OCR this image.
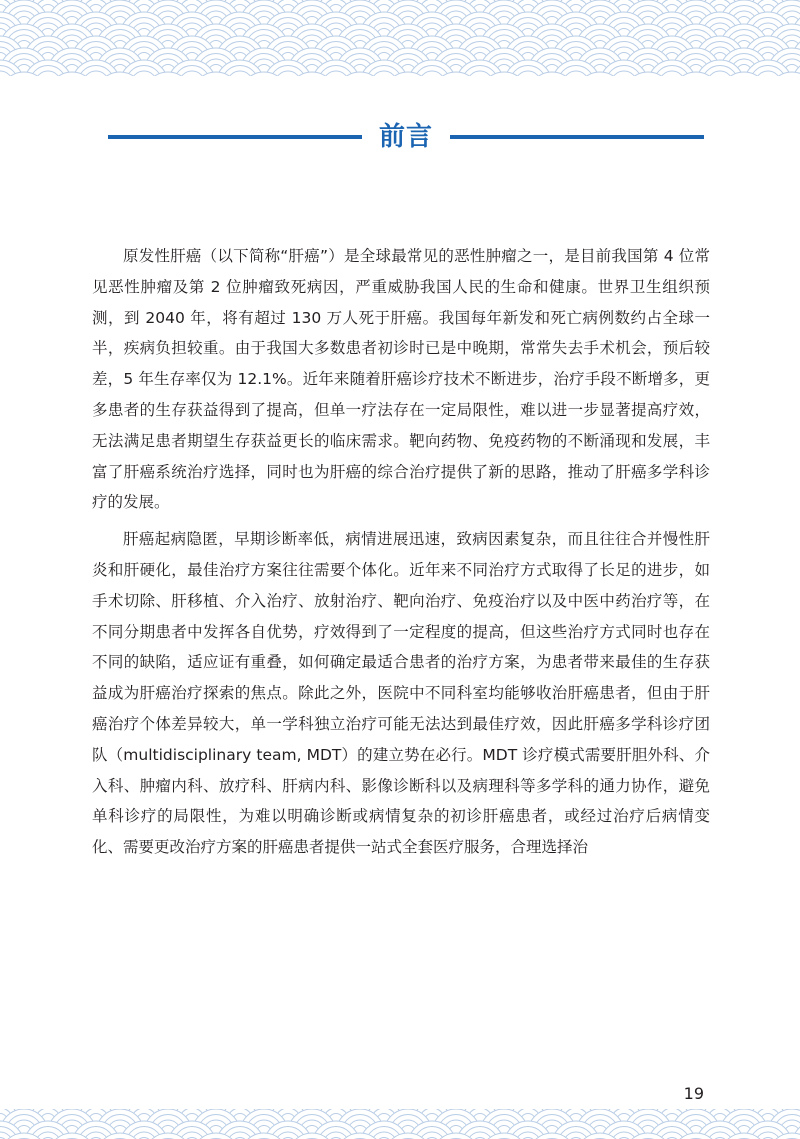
前言

原发性肝癌（以下简称“肝癌”）是全球最常见的恶性肿瘤之一，是目前我国第 4 位常见恶性肿瘤及第 2 位肿瘤致死病因，严重威胁我国人民的生命和健康。世界卫生组织预测，到 2040 年，将有超过 130 万人死于肝癌。我国每年新发和死亡病例数约占全球一半，疾病负担较重。由于我国大多数患者初诊时已是中晚期，常常失去手术机会，预后较差，5 年生存率仅为 12.1%。近年来随着肝癌诊疗技术不断进步，治疗手段不断增多，更多患者的生存获益得到了提高，但单一疗法存在一定局限性，难以进一步显著提高疗效，无法满足患者期望生存获益更长的临床需求。靶向药物、免疫药物的不断涌现和发展，丰富了肝癌系统治疗选择，同时也为肝癌的综合治疗提供了新的思路，推动了肝癌多学科诊疗的发展。

肝癌起病隐匿，早期诊断率低，病情进展迅速，致病因素复杂，而且往往合并慢性肝炎和肝硬化，最佳治疗方案往往需要个体化。近年来不同治疗方式取得了长足的进步，如手术切除、肝移植、介入治疗、放射治疗、靶向治疗、免疫治疗以及中医中药治疗等，在不同分期患者中发挥各自优势，疗效得到了一定程度的提高，但这些治疗方式同时也存在不同的缺陷，适应证有重叠，如何确定最适合患者的治疗方案，为患者带来最佳的生存获益成为肝癌治疗探索的焦点。除此之外，医院中不同科室均能够收治肝癌患者，但由于肝癌治疗个体差异较大，单一学科独立治疗可能无法达到最佳疗效，因此肝癌多学科诊疗团队（multidisciplinary team, MDT）的建立势在必行。MDT 诊疗模式需要肝胆外科、介入科、肿瘤内科、放疗科、肝病内科、影像诊断科以及病理科等多学科的通力协作，避免单科诊疗的局限性，为难以明确诊断或病情复杂的初诊肝癌患者，或经过治疗后病情变化、需要更改治疗方案的肝癌患者提供一站式全套医疗服务，合理选择治

19
